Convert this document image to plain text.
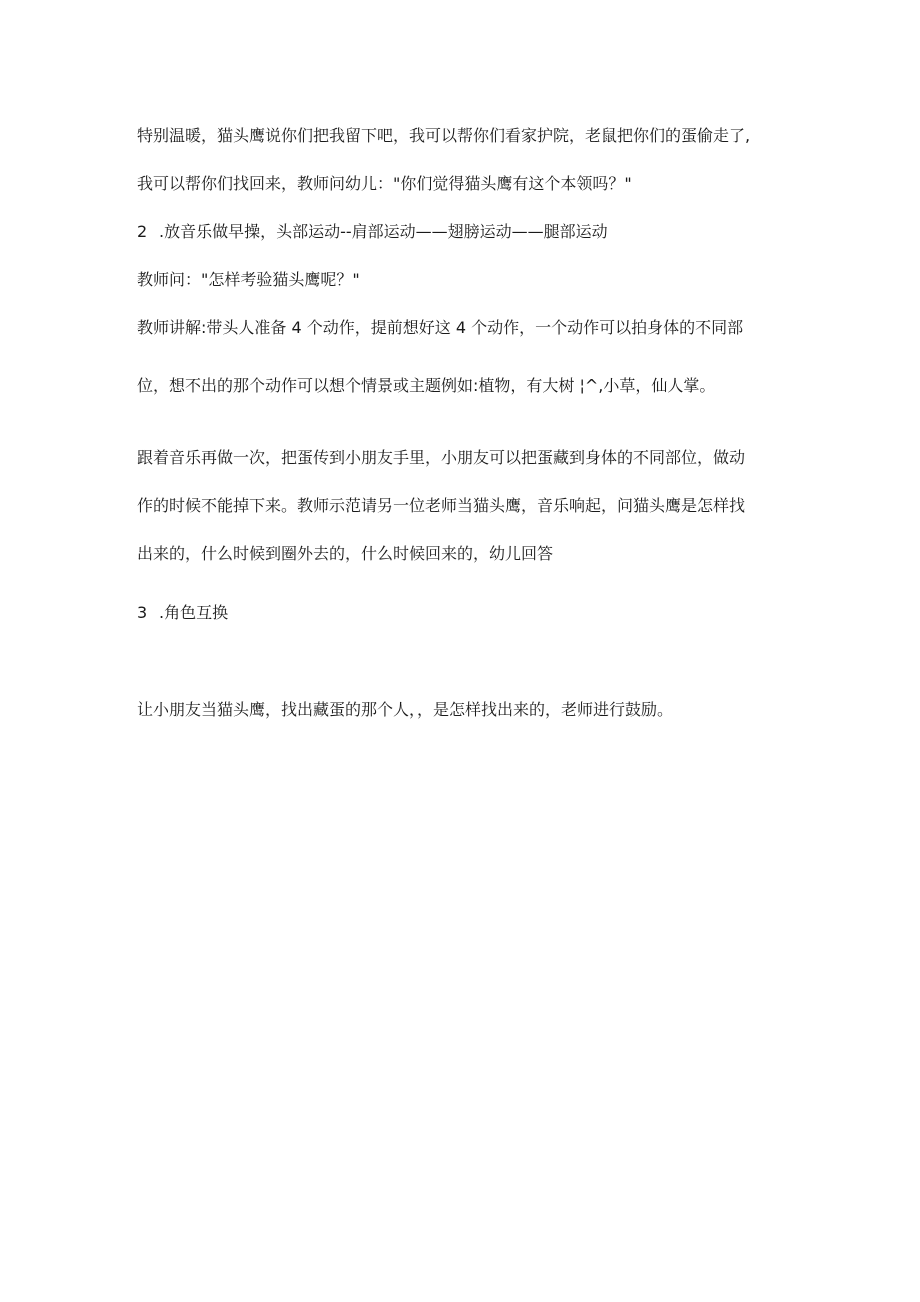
特别温暖，猫头鹰说你们把我留下吧，我可以帮你们看家护院，老鼠把你们的蛋偷走了,
我可以帮你们找回来，教师问幼儿："你们觉得猫头鹰有这个本领吗？"
2 .放音乐做早操，头部运动--肩部运动——翅膀运动——腿部运动
教师问："怎样考验猫头鹰呢？"
教师讲解:带头人准备 4 个动作，提前想好这 4 个动作，一个动作可以拍身体的不同部
位，想不出的那个动作可以想个情景或主题例如:植物，有大树 ¦^,小草，仙人掌。
跟着音乐再做一次，把蛋传到小朋友手里，小朋友可以把蛋藏到身体的不同部位，做动
作的时候不能掉下来。教师示范请另一位老师当猫头鹰，音乐响起，问猫头鹰是怎样找
出来的，什么时候到圈外去的，什么时候回来的，幼儿回答
3 .角色互换
让小朋友当猫头鹰，找出藏蛋的那个人，，是怎样找出来的，老师进行鼓励。
